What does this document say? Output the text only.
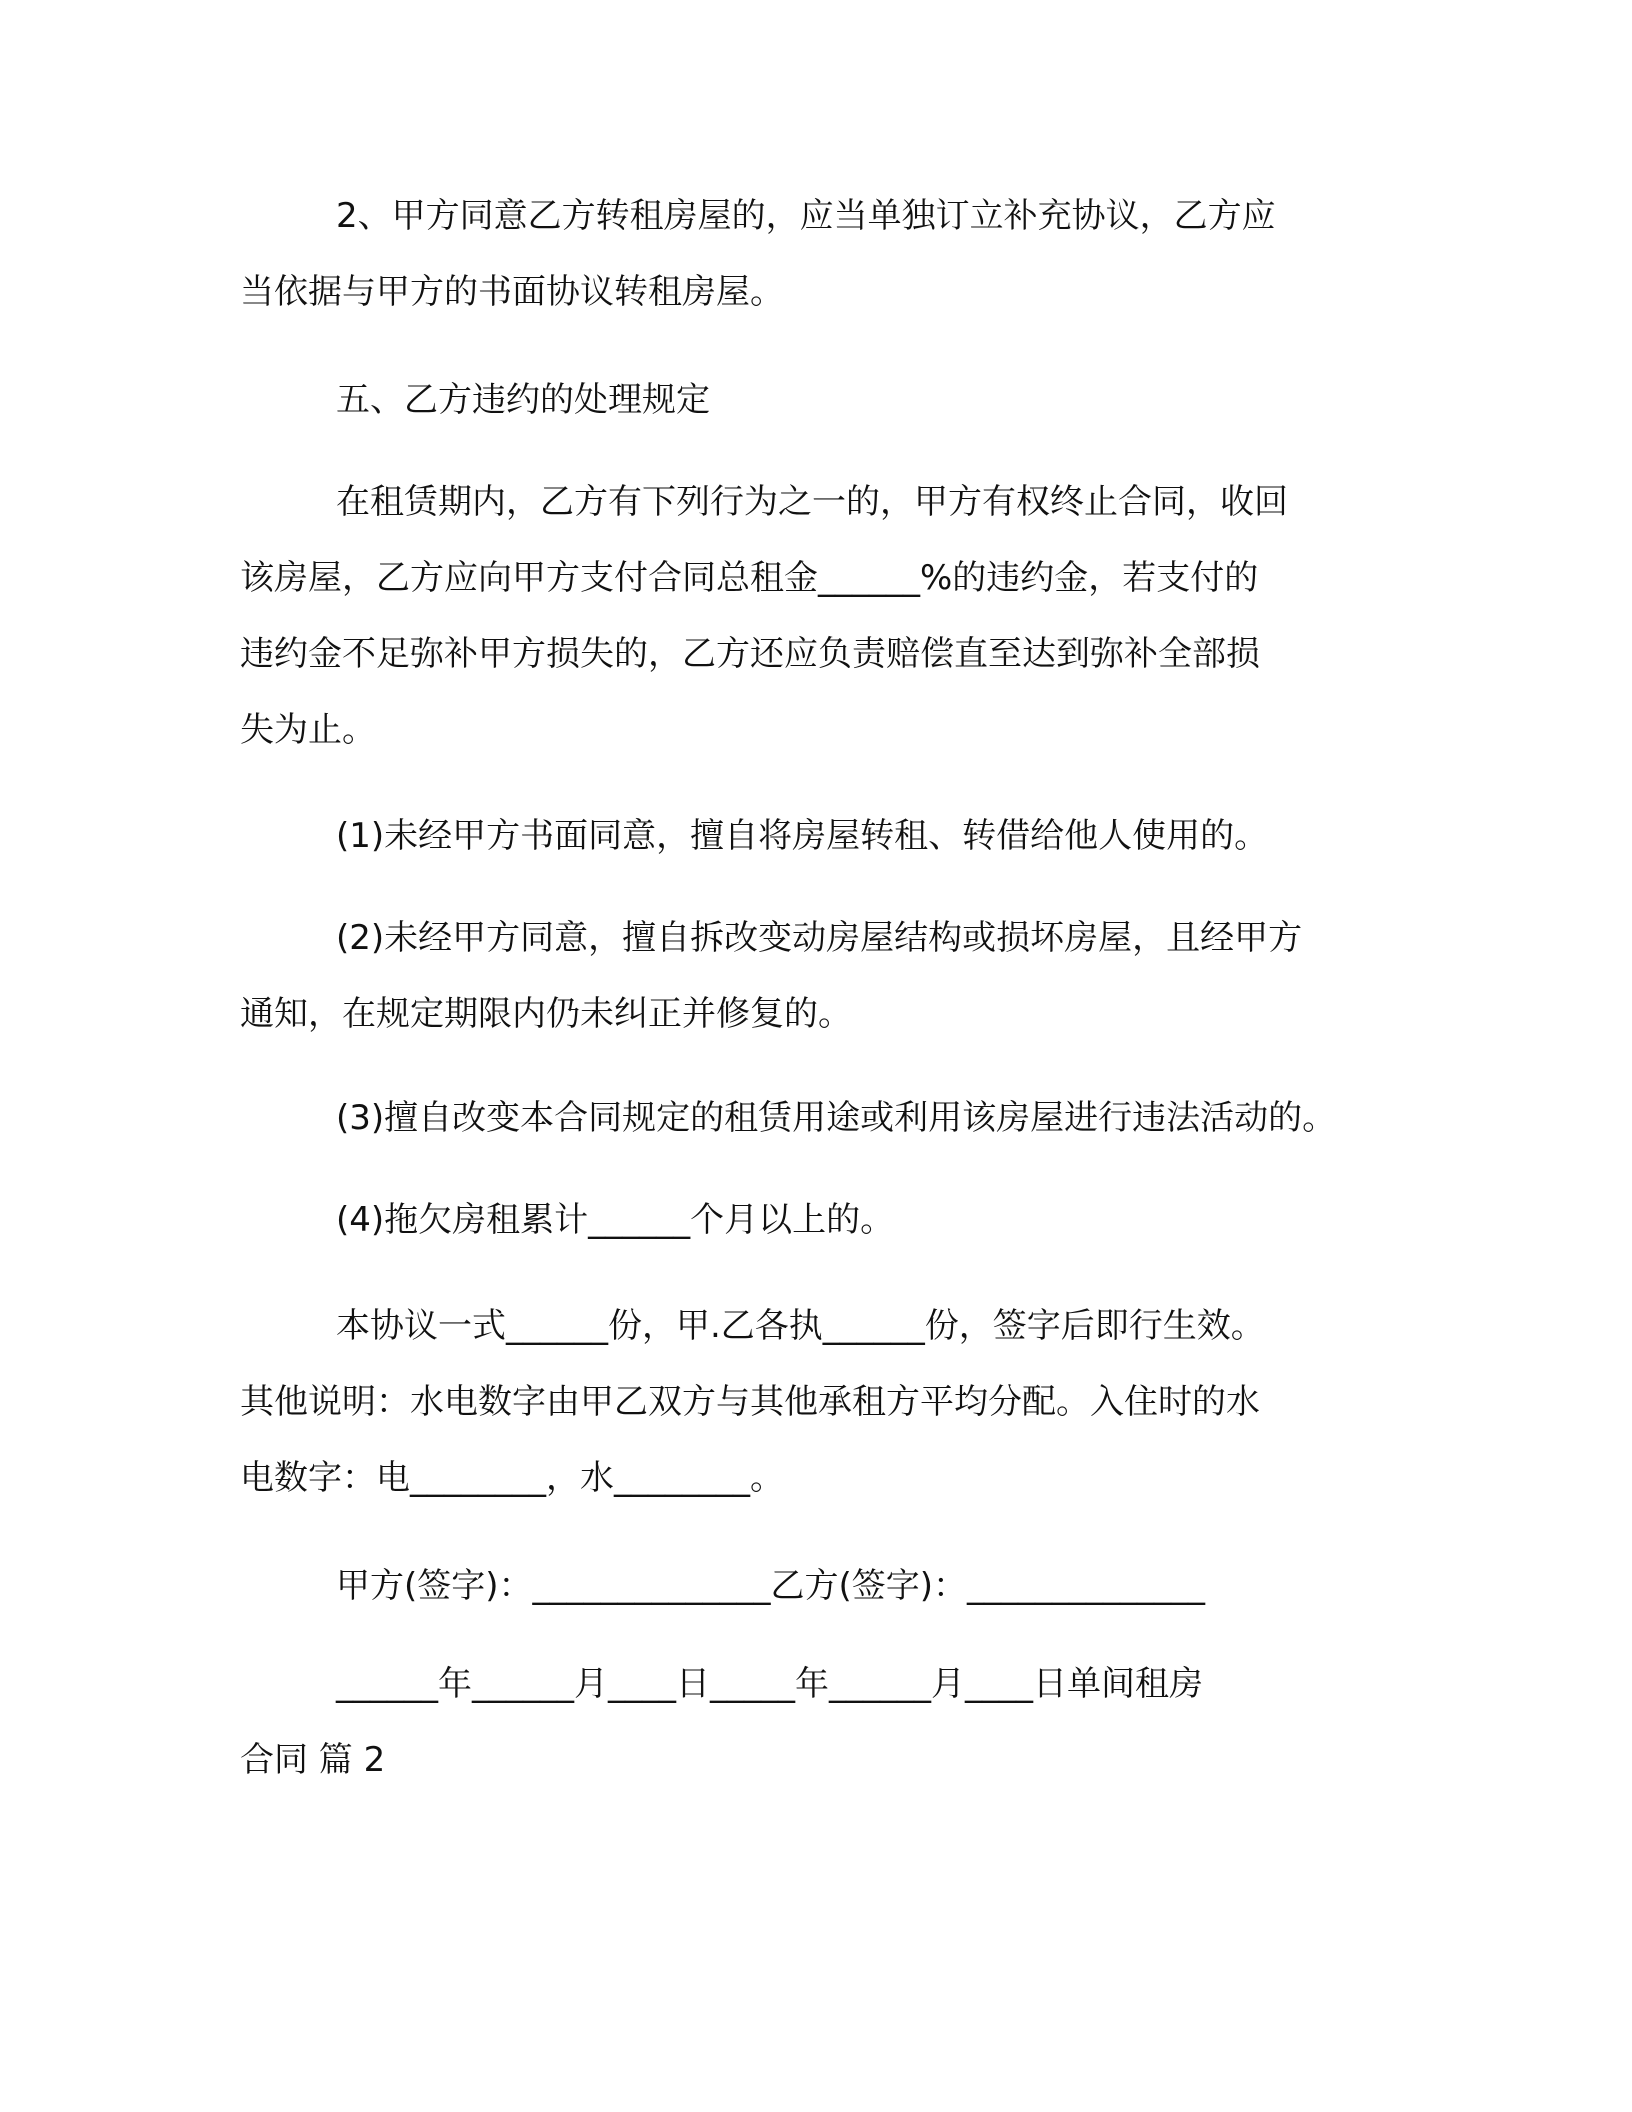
2、甲方同意乙方转租房屋的，应当单独订立补充协议，乙方应
当依据与甲方的书面协议转租房屋。
五、乙方违约的处理规定
在租赁期内，乙方有下列行为之一的，甲方有权终止合同，收回
该房屋，乙方应向甲方支付合同总租金______%的违约金，若支付的
违约金不足弥补甲方损失的，乙方还应负责赔偿直至达到弥补全部损
失为止。
(1)未经甲方书面同意，擅自将房屋转租、转借给他人使用的。
(2)未经甲方同意，擅自拆改变动房屋结构或损坏房屋，且经甲方
通知，在规定期限内仍未纠正并修复的。
(3)擅自改变本合同规定的租赁用途或利用该房屋进行违法活动的。
(4)拖欠房租累计______个月以上的。
本协议一式______份，甲.乙各执______份，签字后即行生效。
其他说明：水电数字由甲乙双方与其他承租方平均分配。入住时的水
电数字：电________，水________。
甲方(签字)：______________乙方(签字)：______________
______年______月____日_____年______月____日单间租房
合同 篇 2
